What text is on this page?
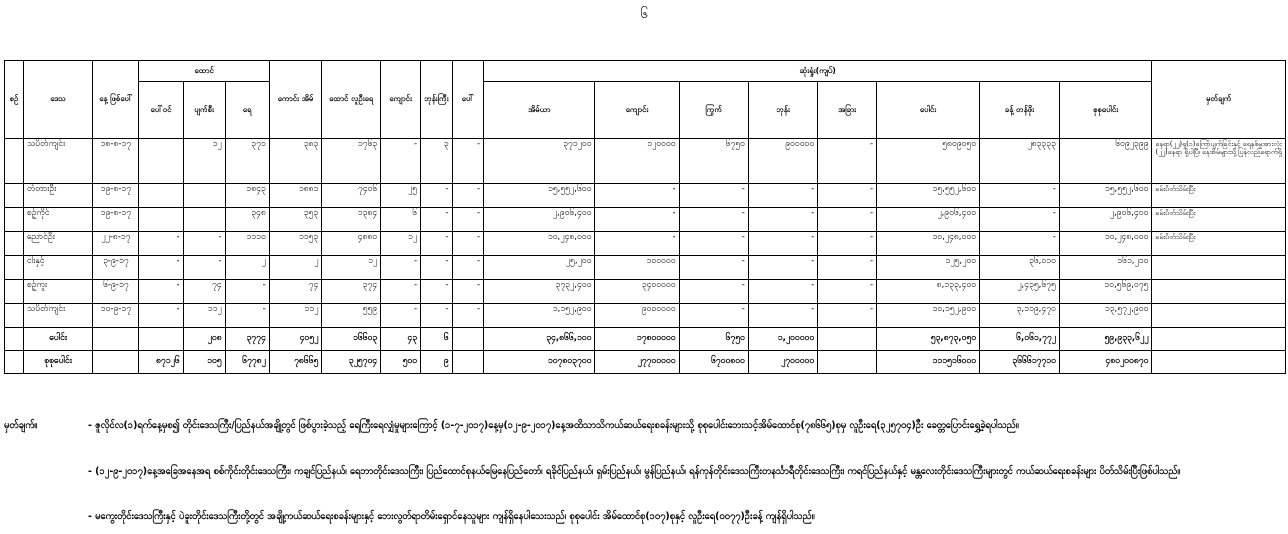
၆
စဉ်	ဒေသ	နေ့ ဖြစ်ပေါ်	ထောင်			ကောင်း အိမ်	ထောင် လူဦးရေ	ကျောင်း	ဘုန်းကြီး	ပေါ်	ဆုံးရှုံး(ကျပ်)								မှတ်ချက်
			ပေါ်ဝင်	ပျက်စီး	ရေ						အိမ်ယာ	ကျောင်း	ကြွက်	ဘုန်း	အခြား	ပေါင်း	ခန့် တန်ဖိုး	စုစုပေါင်း	
	သပိတ်ကျင်း	၁၈-၈-၁၇		၁၂	၃၇၁	၃၈၃	၁၇၆၃	-	၃	-	၃၇၁၂၀၀	၁၂၀၀၀၀	၆၇၅၀	၉၀၀၀၀၀	-	၅၈၀၉၀၅၀	၂၈၃၃၃၃	၆၀၉၂၃၉၉	နေရာ(၂၂)ရှ(၁)ကြော်ပျက်ခြင်းနှင့် ရေနစ်မှုအားလုံး (၂၂)နေရာ ရှိပါပြီ၊ နေအိမ်များသို့ပြန်လည်ရောက်ရှိ
	တံတားဦး	၁၉-၈-၁၇			၁၈၄၃	၁၈၈၁	၇၄၀၆	၂၅	-	-	၁၅,၅၅၂,၆၀၀	-	-	-	-	၁၅,၅၅၂,၆၀၀	-	၁၅,၅၅၂,၆၀၀	ခမ်းပိတ်သိမ်းပြီး
	စဉ့်ကိုင်	၁၉-၈-၁၇			၃၄၈	၃၅၃	၁၃၈၄	၆	-	-	၂,၉၀၆,၄၀၀	-	-	-	-	၂,၉၀၆,၄၀၀	-	၂,၉၀၆,၄၀၀	ခမ်းပိတ်သိမ်းပြီး
	ညောင်ဦး	၂၂-၈-၁၇	-	-	၁၁၁၀	၁၁၅၃	၄၈၈၀	၁၂	-	-	၁၀,၂၄၈,၀၀၀	-	-	-	-	၁၀,၂၄၈,၀၀၀	-	၁၀,၂၄၈,၀၀၀	ခမ်းပိတ်သိမ်းပြီး
	ငါးနှင့်	၃-၉-၁၇	-	-	၂	၂	၁၂	-	-	-	၂၅,၂၀၀	၁၀၀၀၀၀	-	-	-	၁၂၅,၂၀၀	၃၆,၀၁၀	၁၆၁,၂၁၀	
	စဉ့်ကူး	၆-၉-၁၇	-	၇၄	-	၇၄	၃၇၄	-	-	-	၃၇၃၂,၄၀၀	၃၄၀၀၀၀၀	-	-	-	၈,၁၃၃,၄၀၀	၂,၄၃၅,၆၇၅	၁၀,၅၆၉,၀၇၅	
	သပိတ်ကျင်း	၁၀-၉-၁၇	-	၁၁၂	-	၁၁၂	၅၅၉	-	-	-	၁,၁၅၂,၉၀၀	၉၀၀၀၀၀၀	-	-	-	၁၀,၁၅၂,၉၀၀	၃,၁၁၉,၄၇၀	၁၃,၅၇၂,၉၀၀	
	ပေါင်း			၂၀၈	၃၇၇၄	၄၀၅၂	၁၆၆၀၃	၄၃	၆		၃၄,၈၆၆,၁၀၀	၁၇၈၀၀၀၀၀	၆၇၅၀	၁,၂၀၀၀၀၀		၅၃,၈၇၃,၀၅၀	၆,၀၆၁,၇၇၂	၅၉,၉၃၃,၆၂၂	
	စုစုပေါင်း		၈၇၁၂၆	၁၀၅	၆၇၇၈၂	၇၈၆၆၅	၃၂၅၇၀၄	၅၀၀	၉		၁၀၇၈၀၃၇၀၀	၂၇၇၀၀၀၀၀	၆၇၀၀၈၀၀	၂၇၀၀၀၀၀		၁၁၁၅၁၆၀၀၀	၃၆၆၆၁၇၇၁၀	၄၈၀၂၀၀၈၇၀	
မှတ်ချက်။	- ဇူလိုင်လ(၁)ရက်နေ့မှစ၍ တိုင်းဒေသကြီး/ပြည်နယ်အချို့တွင် ဖြစ်ပွားခဲ့သည့် ရေကြီးရေလျှံမှုများကြောင့် (၁-၇-၂၀၁၇)နေ့မှ(၁၂-၉-၂၀၁၇)နေ့အထိသာသိကယ်ဆယ်ရေးစခန်းများသို့ စုစုပေါင်းဘေးသင့်အိမ်ထောင်စု(၇၈၆၆၅)စုမှ လူဦးရေ(၃၂၅၇၀၄)ဦး ခေတ္တပြောင်းရွှေ့ခဲ့ရပါသည်။
- (၁၂-၉-၂၀၁၇)နေ့အခြေအနေအရ စစ်ကိုင်းတိုင်းဒေသကြီး၊ ကချင်ပြည်နယ်၊ ရေဘာတိုင်းဒေသကြီး၊ ပြည်ထောင်စုနယ်မြေနေပြည်တော်၊ ရခိုင်ပြည်နယ်၊ ရှမ်းပြည်နယ်၊ မွန်ပြည်နယ်၊ ရန်ကုန်တိုင်းဒေသကြီးတနင်္သာရီတိုင်းဒေသကြီး၊ ကရင်ပြည်နယ်နှင့် မန္တလေးတိုင်းဒေသကြီးများတွင် ကယ်ဆယ်ရေးစခန်းများ ပိတ်သိမ်းပြီးဖြစ်ပါသည်။
- မကွေးတိုင်းဒေသကြီးနှင့် ပဲခူးတိုင်းဒေသကြီးတို့တွင် အချို့ကယ်ဆယ်ရေးစခန်းများနှင့် ဘေးလွတ်ရာတိမ်းရှောင်နေသူများ ကျန်ရှိနေပါသေးသည်၊ စုစုပေါင်း အိမ်ထောင်စု(၁၀၇)စုနှင့် လူဦးရေ(၀၀၇၇)ဦးခန့် ကျန်ရှိပါသည်။
